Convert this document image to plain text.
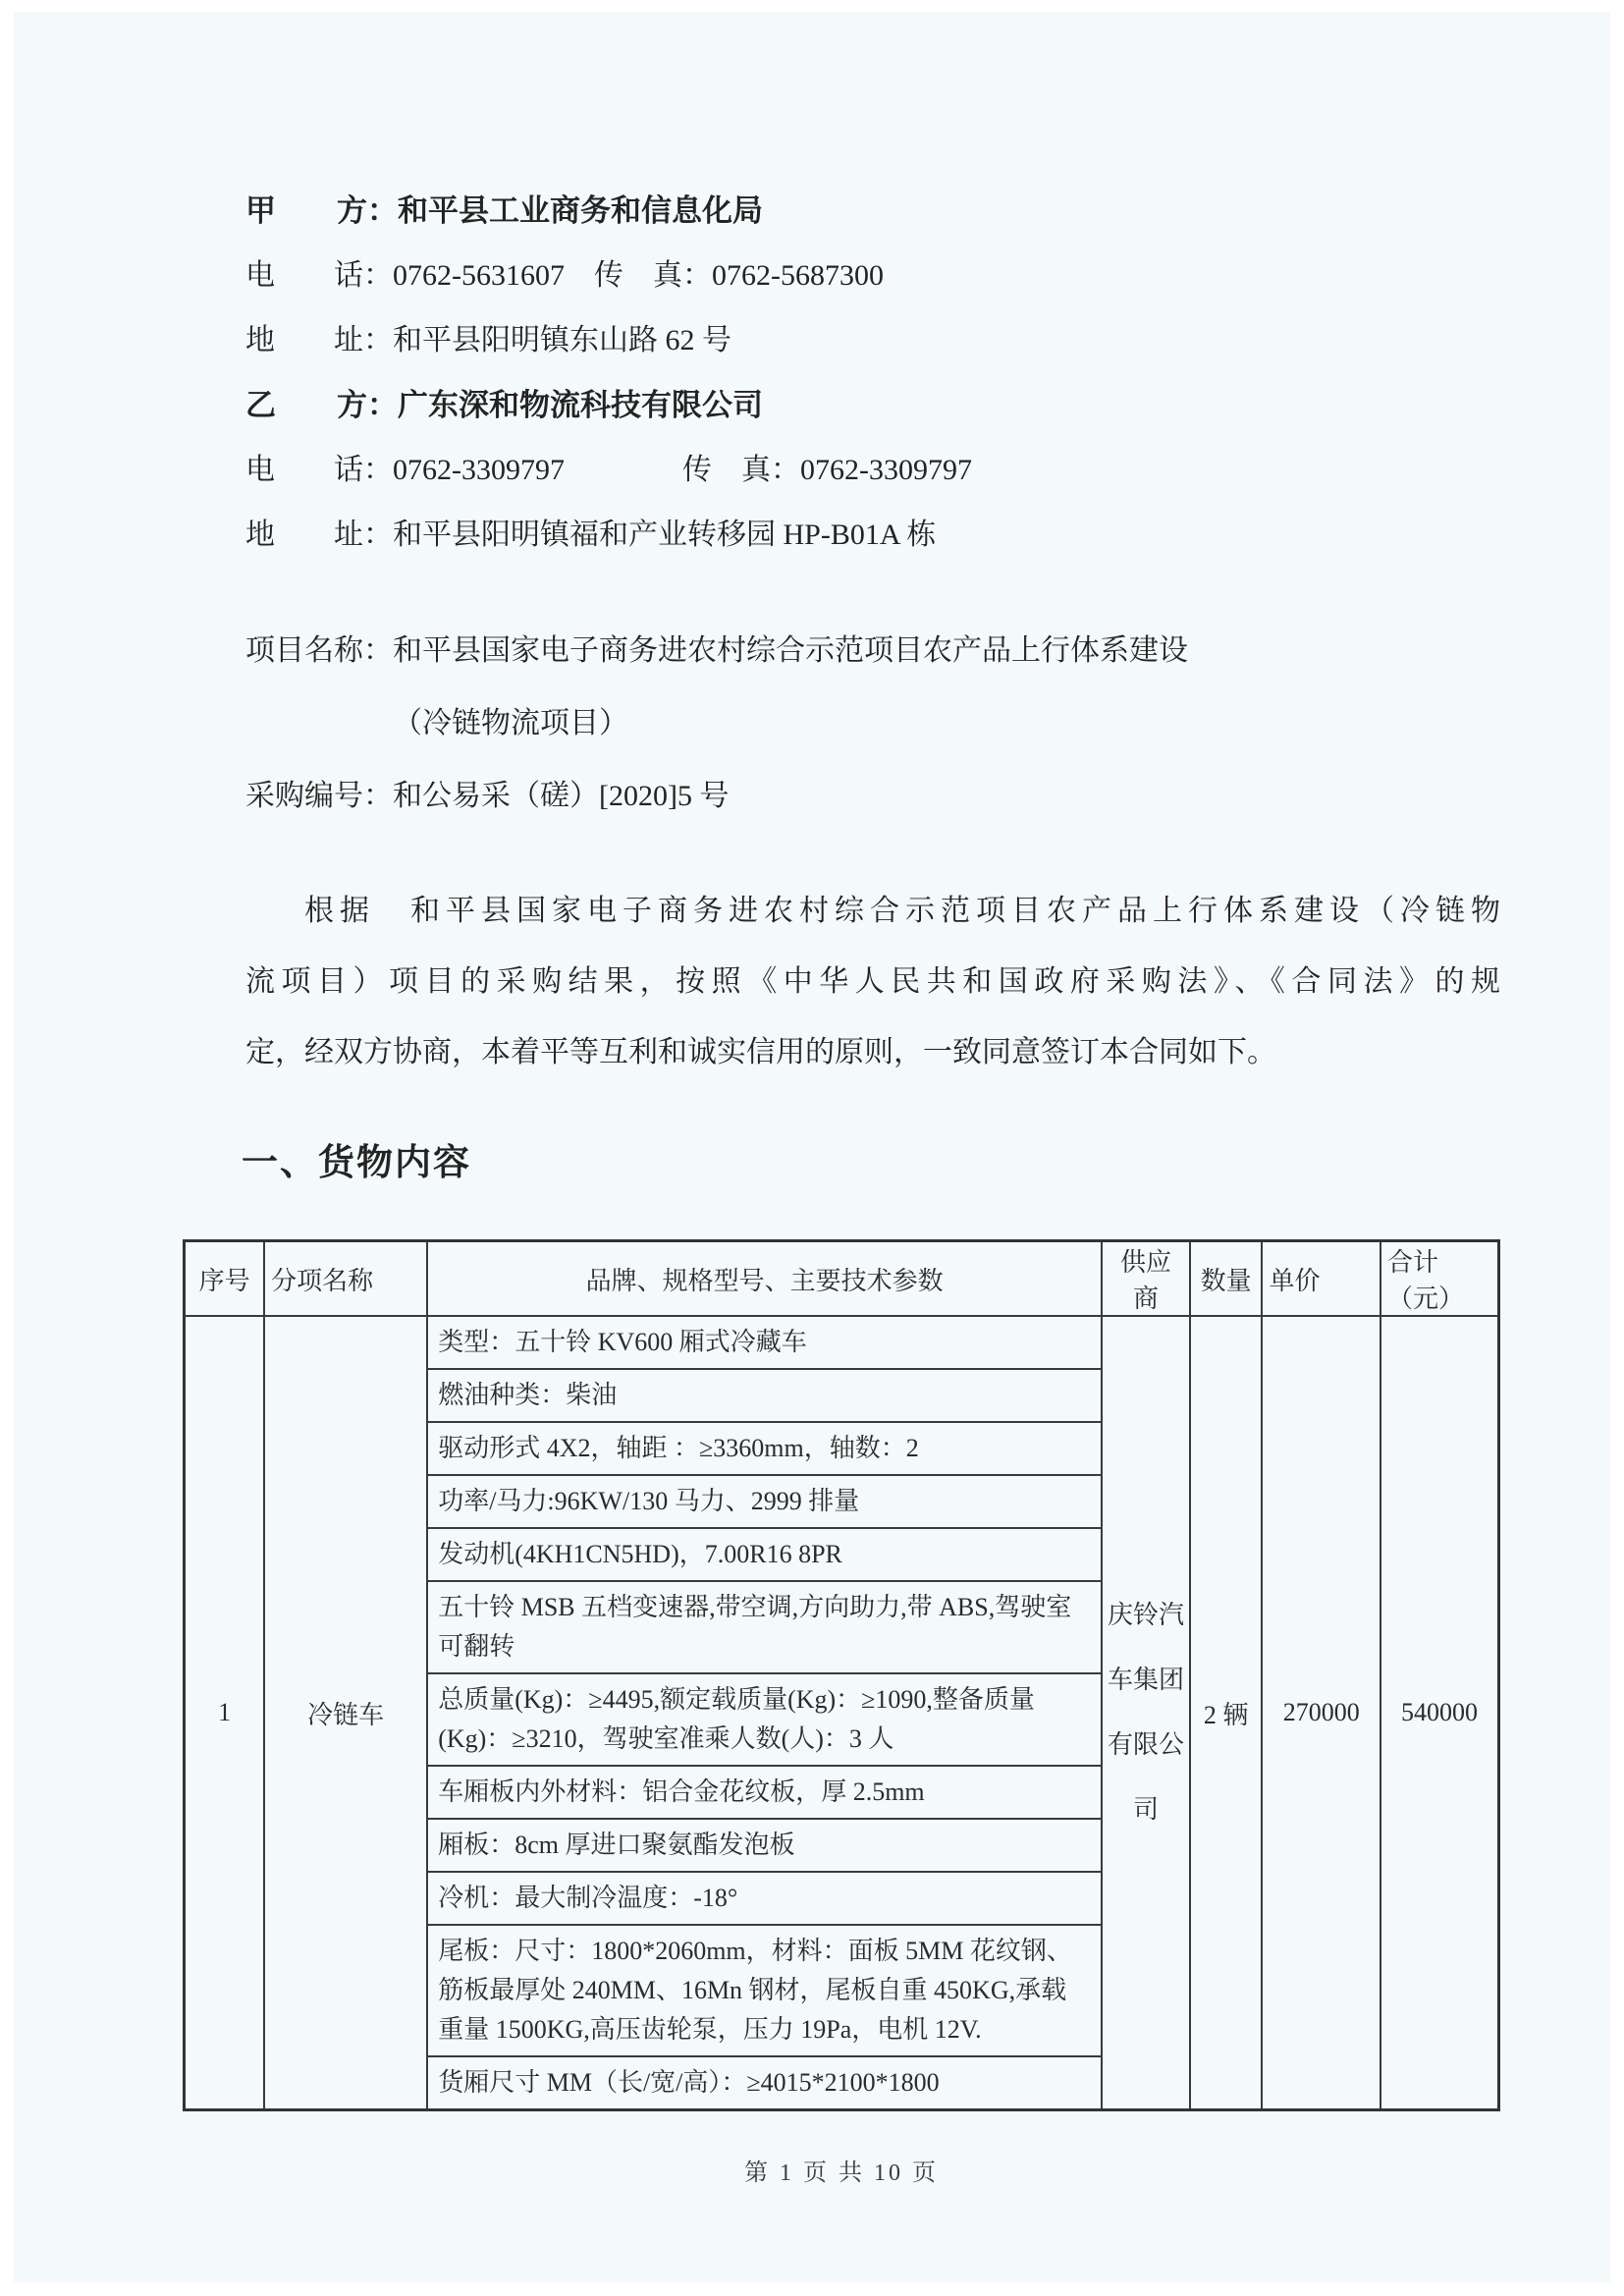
甲　　方：和平县工业商务和信息化局
电　　话：0762-5631607　传　真：0762-5687300
地　　址：和平县阳明镇东山路 62 号
乙　　方：广东深和物流科技有限公司
电　　话：0762-3309797　　　　传　真：0762-3309797
地　　址：和平县阳明镇福和产业转移园 HP-B01A 栋
项目名称：和平县国家电子商务进农村综合示范项目农产品上行体系建设
（冷链物流项目）
采购编号：和公易采（磋）[2020]5 号
根据　和平县国家电子商务进农村综合示范项目农产品上行体系建设（冷链物
流项目）项目的采购结果，按照《中华人民共和国政府采购法》、《合同法》的规
定，经双方协商，本着平等互利和诚实信用的原则，一致同意签订本合同如下。
一、货物内容
序号	分项名称	品牌、规格型号、主要技术参数	供应商	数量	单价	合计（元）
1	冷链车	类型：五十铃 KV600 厢式冷藏车	庆铃汽车集团有限公司	2 辆	270000	540000
		燃油种类：柴油				
		驱动形式 4X2，轴距 ：≥3360mm，轴数：2				
		功率/马力:96KW/130 马力、2999 排量				
		发动机(4KH1CN5HD)，7.00R16 8PR				
		五十铃 MSB 五档变速器,带空调,方向助力,带 ABS,驾驶室可翻转				
		总质量(Kg)：≥4495,额定载质量(Kg)：≥1090,整备质量(Kg)：≥3210，驾驶室准乘人数(人)：3 人				
		车厢板内外材料：铝合金花纹板，厚 2.5mm				
		厢板：8cm 厚进口聚氨酯发泡板				
		冷机：最大制冷温度：-18°				
		尾板：尺寸：1800*2060mm，材料：面板 5MM 花纹钢、筋板最厚处 240MM、16Mn 钢材，尾板自重 450KG,承载重量 1500KG,高压齿轮泵，压力 19Pa，电机 12V.				
		货厢尺寸 MM（长/宽/高）：≥4015*2100*1800				
第 1 页 共 10 页
